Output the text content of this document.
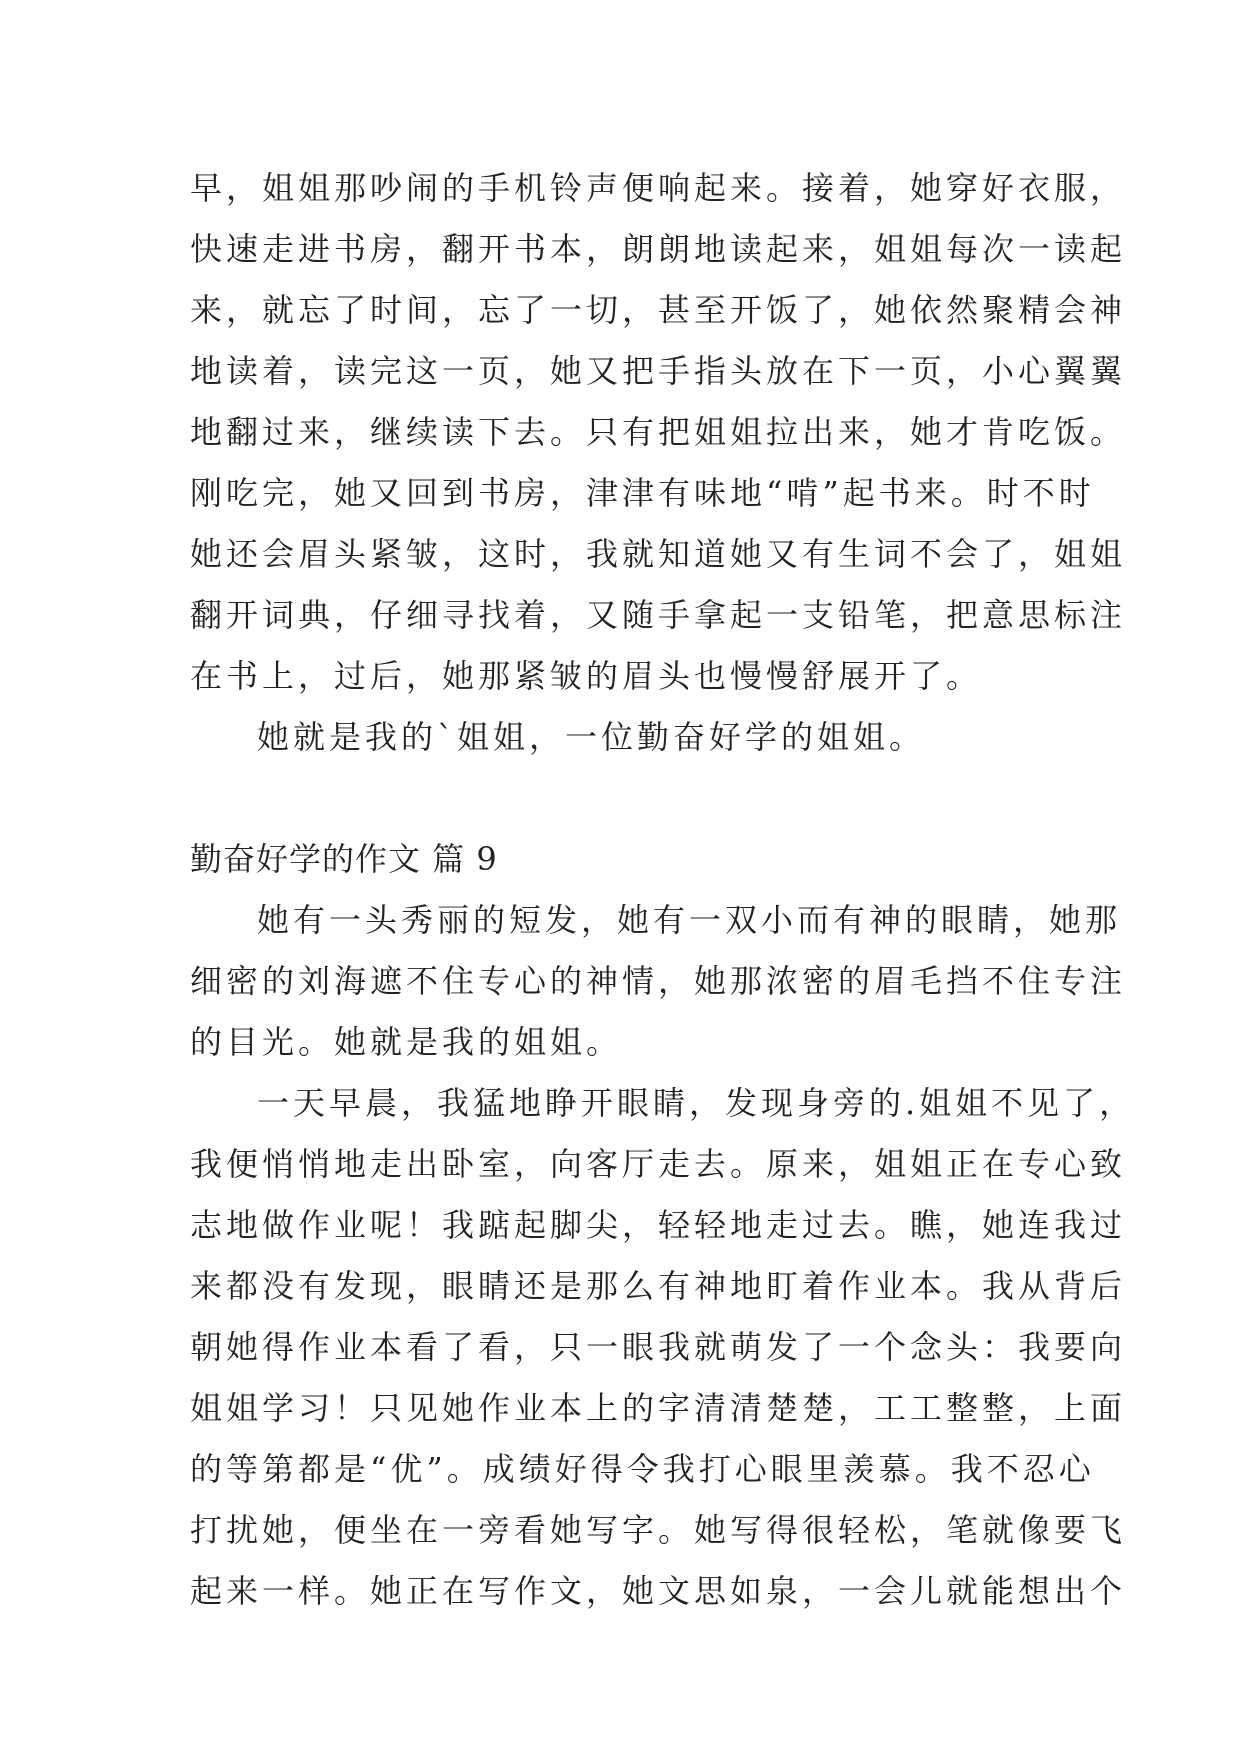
早，姐姐那吵闹的手机铃声便响起来。接着，她穿好衣服，
快速走进书房，翻开书本，朗朗地读起来，姐姐每次一读起
来，就忘了时间，忘了一切，甚至开饭了，她依然聚精会神
地读着，读完这一页，她又把手指头放在下一页，小心翼翼
地翻过来，继续读下去。只有把姐姐拉出来，她才肯吃饭。
刚吃完，她又回到书房，津津有味地“啃”起书来。时不时
她还会眉头紧皱，这时，我就知道她又有生词不会了，姐姐
翻开词典，仔细寻找着，又随手拿起一支铅笔，把意思标注
在书上，过后，她那紧皱的眉头也慢慢舒展开了。
她就是我的`姐姐，一位勤奋好学的姐姐。
勤奋好学的作文 篇 9
她有一头秀丽的短发，她有一双小而有神的眼睛，她那
细密的刘海遮不住专心的神情，她那浓密的眉毛挡不住专注
的目光。她就是我的姐姐。
一天早晨，我猛地睁开眼睛，发现身旁的.姐姐不见了，
我便悄悄地走出卧室，向客厅走去。原来，姐姐正在专心致
志地做作业呢！我踮起脚尖，轻轻地走过去。瞧，她连我过
来都没有发现，眼睛还是那么有神地盯着作业本。我从背后
朝她得作业本看了看，只一眼我就萌发了一个念头：我要向
姐姐学习！只见她作业本上的字清清楚楚，工工整整，上面
的等第都是“优”。成绩好得令我打心眼里羡慕。我不忍心
打扰她，便坐在一旁看她写字。她写得很轻松，笔就像要飞
起来一样。她正在写作文，她文思如泉，一会儿就能想出个
